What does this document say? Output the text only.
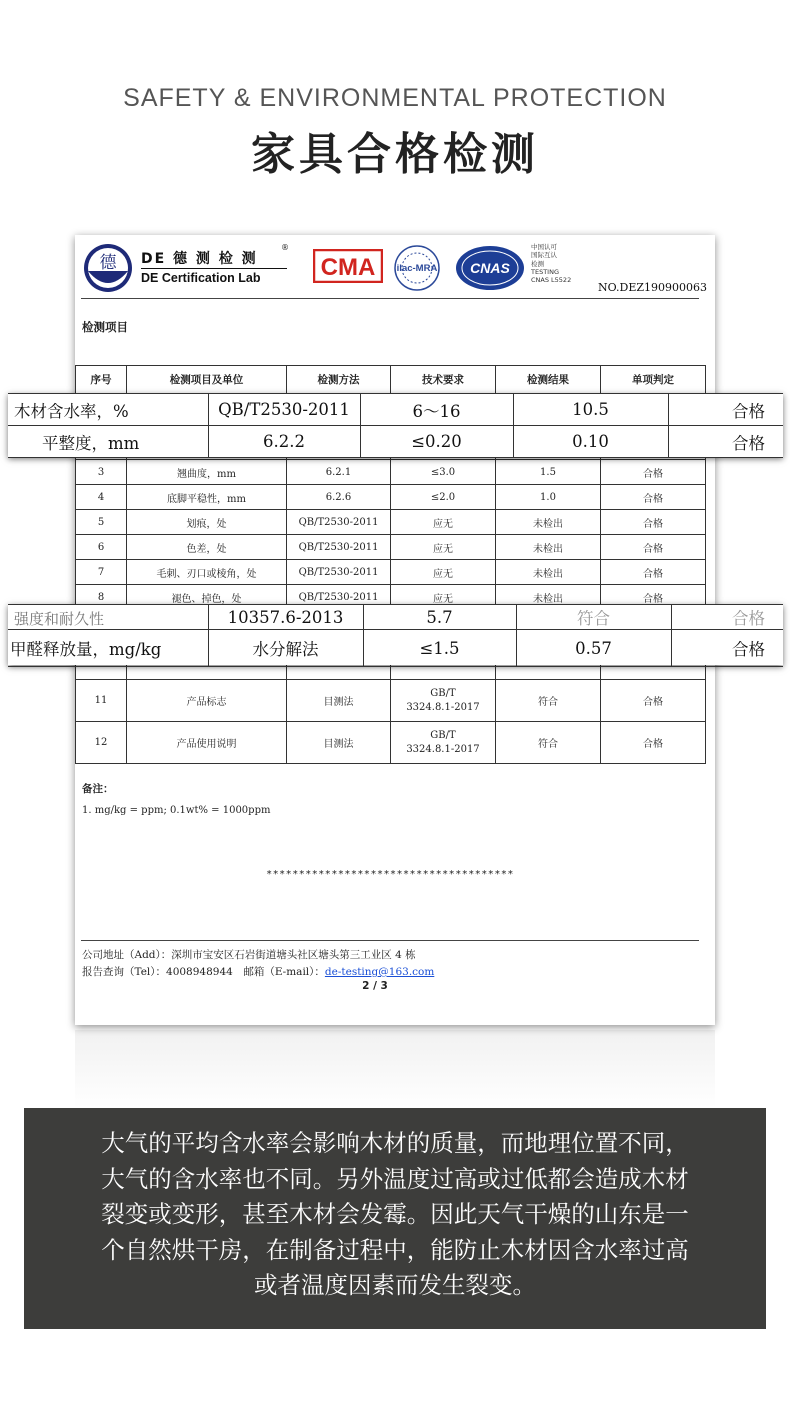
SAFETY & ENVIRONMENTAL PROTECTION
家具合格检测
德 DE 德 测 检 测
®
DE Certification Lab	CMA ilac-MRA CNAS
中国认可
国际互认
检测
TESTING
CNAS L5522
NO.DEZ190900063
检测项目
序号	检测项目及单位	检测方法	技术要求	检测结果	单项判定

3	翘曲度，mm	6.2.1	≤3.0	1.5	合格
4	底脚平稳性，mm	6.2.6	≤2.0	1.0	合格
5	划痕，处	QB/T2530-2011	应无	未检出	合格
6	色差，处	QB/T2530-2011	应无	未检出	合格
7	毛刺、刃口或棱角，处	QB/T2530-2011	应无	未检出	合格
8	褪色、掉色，处	QB/T2530-2011	应无	未检出	合格

11	产品标志	目测法	GB/T
3324.8.1-2017	符合	合格
12	产品使用说明	目测法	GB/T
3324.8.1-2017	符合	合格
备注：
1. mg/kg = ppm; 0.1wt% = 1000ppm
**************************************
公司地址（Add）：深圳市宝安区石岩街道塘头社区塘头第三工业区 4 栋
报告查询（Tel）：4008948944　邮箱（E-mail）：de-testing@163.com
2 / 3
木材含水率，%	QB/T2530-2011	6～16	10.5	合格
平整度，mm	6.2.2	≤0.20	0.10	合格
强度和耐久性	10357.6-2013	5.7	符合	合格
甲醛释放量，mg/kg	水分解法	≤1.5	0.57	合格
大气的平均含水率会影响木材的质量，而地理位置不同，
大气的含水率也不同。另外温度过高或过低都会造成木材
裂变或变形，甚至木材会发霉。因此天气干燥的山东是一
个自然烘干房，在制备过程中，能防止木材因含水率过高
或者温度因素而发生裂变。
